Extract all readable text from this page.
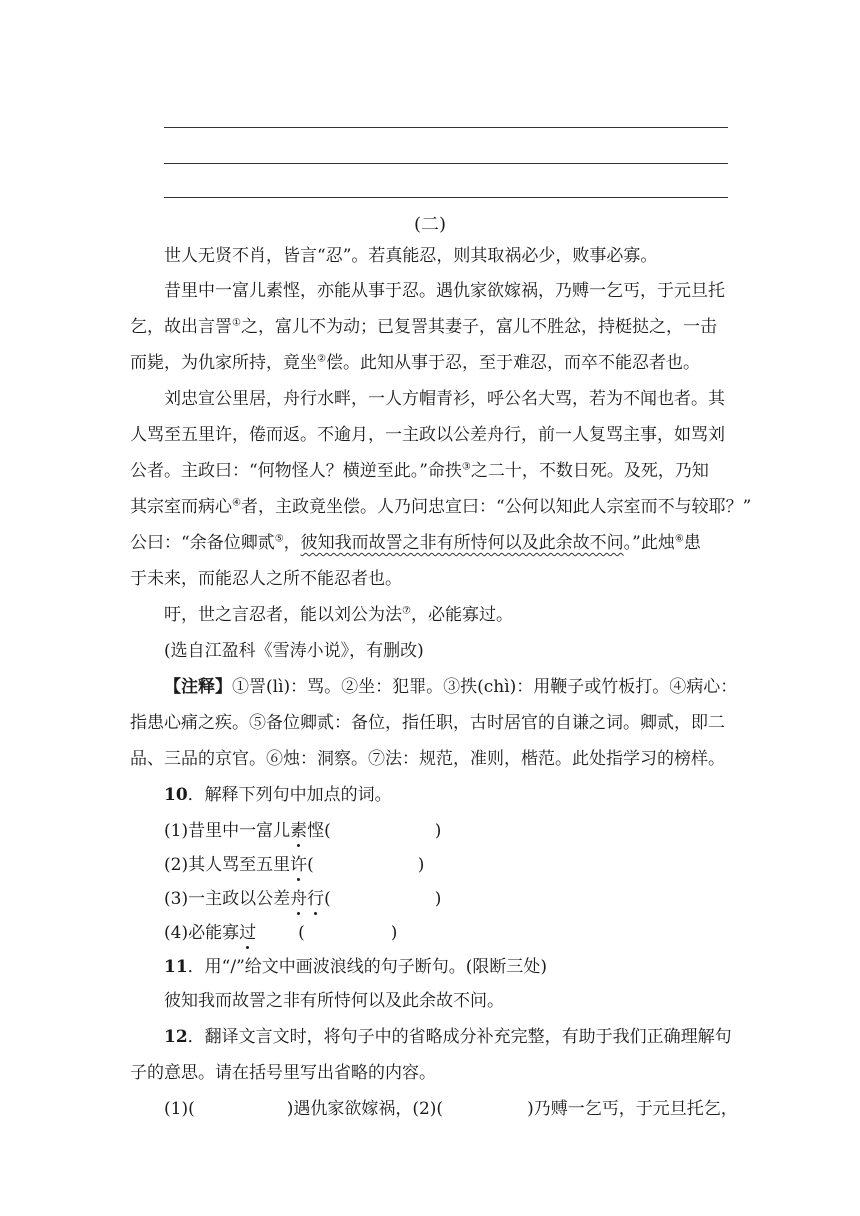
(二)
世人无贤不肖，皆言“忍”。若真能忍，则其取祸必少，败事必寡。
昔里中一富儿素悭，亦能从事于忍。遇仇家欲嫁祸，乃赙一乞丐，于元旦托
乞，故出言詈①之，富儿不为动；已复詈其妻子，富儿不胜忿，持梃挞之，一击
而毙，为仇家所持，竟坐②偿。此知从事于忍，至于难忍，而卒不能忍者也。
刘忠宣公里居，舟行水畔，一人方帽青衫，呼公名大骂，若为不闻也者。其
人骂至五里许，倦而返。不逾月，一主政以公差舟行，前一人复骂主事，如骂刘
公者。主政曰：“何物怪人？横逆至此。”命抶③之二十，不数日死。及死，乃知
其宗室而病心④者，主政竟坐偿。人乃问忠宣曰：“公何以知此人宗室而不与较耶？”
公曰：“余备位卿贰⑤，彼知我而故詈之非有所恃何以及此余故不问。”此烛⑥患
于未来，而能忍人之所不能忍者也。
吁，世之言忍者，能以刘公为法⑦，必能寡过。
(选自江盈科《雪涛小说》，有删改)
【注释】①詈(lì)：骂。②坐：犯罪。③抶(chì)：用鞭子或竹板打。④病心：
指患心痛之疾。⑤备位卿贰：备位，指任职，古时居官的自谦之词。卿贰，即二
品、三品的京官。⑥烛：洞察。⑦法：规范，准则，楷范。此处指学习的榜样。
10．解释下列句中加点的词。
(1)昔里中一富儿素悭(	)
(2)其人骂至五里许(	)
(3)一主政以公差舟行(	)
(4)必能寡过 (	)
11．用“/”给文中画波浪线的句子断句。(限断三处)
彼知我而故詈之非有所恃何以及此余故不问。
12．翻译文言文时，将句子中的省略成分补充完整，有助于我们正确理解句
子的意思。请在括号里写出省略的内容。
(1)(	)遇仇家欲嫁祸，(2)(	)乃赙一乞丐，于元旦托乞，
